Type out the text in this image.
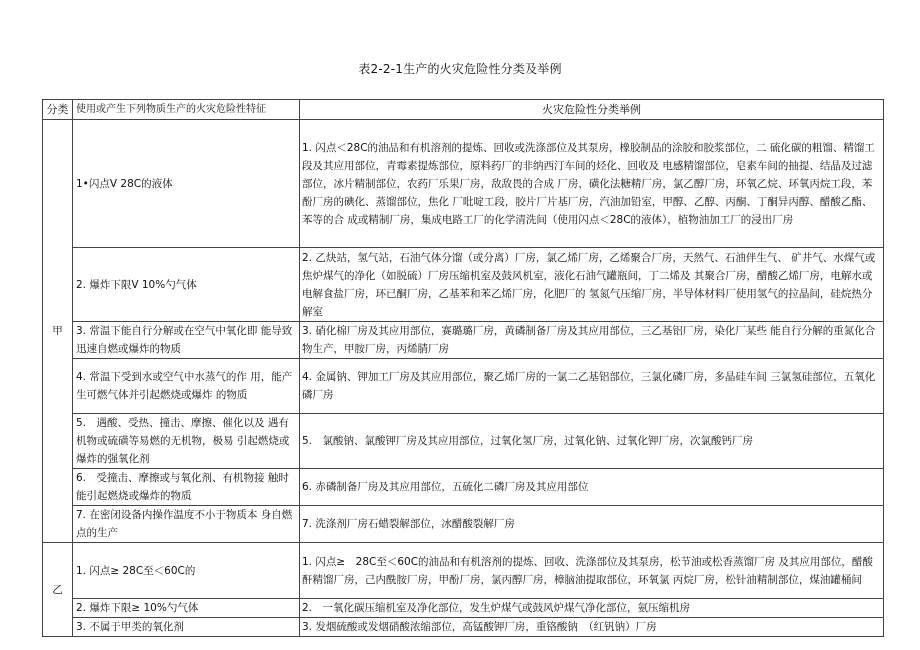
表2-2-1生产的火灾危险性分类及举例
分类	使用或产生下列物质生产的火灾危险性特征	火灾危险性分类举例
甲	1•闪点V 28C的液体	1. 闪点＜28C的油品和有机溶剂的提炼、回收或洗涤部位及其泵房，橡胶制品的涂胶和胶浆部位，二 硫化碳的粗馏、精馏工段及其应用部位，青霉素提炼部位，原料药厂的非纳西汀车间的烃化、回收及 电感精馏部位，皂素车间的抽提、结晶及过滤部位，冰片精制部位，农药厂乐果厂房，敌敌畏的合成 厂房，磺化法糖精厂房，氯乙醇厂房，环氧乙烷、环氧丙烷工段，苯酚厂房的碘化、蒸馏部位，焦化 厂吡啶工段，胶片厂片基厂房，汽油加铅室，甲醇、乙醇、丙酮、丁酮异丙醇、醋酸乙酯、苯等的合 成或精制厂房，集成电路工厂的化学清洗间（使用闪点＜28C的液体），植物油加工厂的浸出厂房
	2. 爆炸下限V 10%勺气体	2. 乙炔站，氢气站，石油气体分馏（或分离）厂房，氯乙烯厂房，乙烯聚合厂房，天然气、石油伴生气、 矿井气、水煤气或焦炉煤气的净化（如脱硫）厂房压缩机室及鼓风机室，液化石油气罐瓶间，丁二烯及 其聚合厂房，醋酸乙烯厂房，电解水或电解食盐厂房，环已酮厂房，乙基苯和苯乙烯厂房，化肥厂的 氢氮气压缩厂房，半导体材料厂使用氢气的拉晶间，硅烷热分解室
	3. 常温下能自行分解或在空气中氧化即 能导致迅速自燃或爆炸的物质	3. 硝化棉厂房及其应用部位，赛璐璐厂房，黄磷制备厂房及其应用部位，三乙基铝厂房，染化厂某些 能自行分解的重氮化合物生产，甲胺厂房，丙烯腈厂房
	4. 常温下受到水或空气中水蒸气的作 用，能产生可燃气体并引起燃烧或爆炸 的物质	4. 金属钠、钾加工厂房及其应用部位，聚乙烯厂房的一氯二乙基铝部位，三氯化磷厂房，多晶硅车间 三氯氢硅部位，五氧化磷厂房
	5.　遇酸、受热、撞击、摩擦、催化以及 遇有机物或硫磺等易燃的无机物，极易 引起燃烧或爆炸的强氧化剂	5.　氯酸钠、氯酸钾厂房及其应用部位，过氧化氢厂房，过氧化钠、过氧化钾厂房，次氯酸钙厂房
	6.　受撞击、摩擦或与氧化剂、有机物接 触时能引起燃烧或爆炸的物质	6. 赤磷制备厂房及其应用部位，五硫化二磷厂房及其应用部位
	7. 在密闭设备内操作温度不小于物质本 身自燃点的生产	7. 洗涤剂厂房石蜡裂解部位，冰醋酸裂解厂房
乙	1. 闪点≥ 28C至＜60C的	1. 闪点≥　28C至＜60C的油品和有机溶剂的提炼、回收、洗涤部位及其泵房，松节油或松香蒸馏厂房 及其应用部位，醋酸酐精馏厂房，己内酰胺厂房，甲酚厂房，氯丙醇厂房，樟脑油提取部位，环氧氯 丙烷厂房，松针油精制部位，煤油罐桶间
	2. 爆炸下限≥ 10%勺气体	2.　一氧化碳压缩机室及净化部位，发生炉煤气或鼓风炉煤气净化部位，氨压缩机房
	3. 不属于甲类的氧化剂	3. 发烟硫酸或发烟硝酸浓缩部位，高锰酸钾厂房，重铬酸钠　（红钒钠）厂房
